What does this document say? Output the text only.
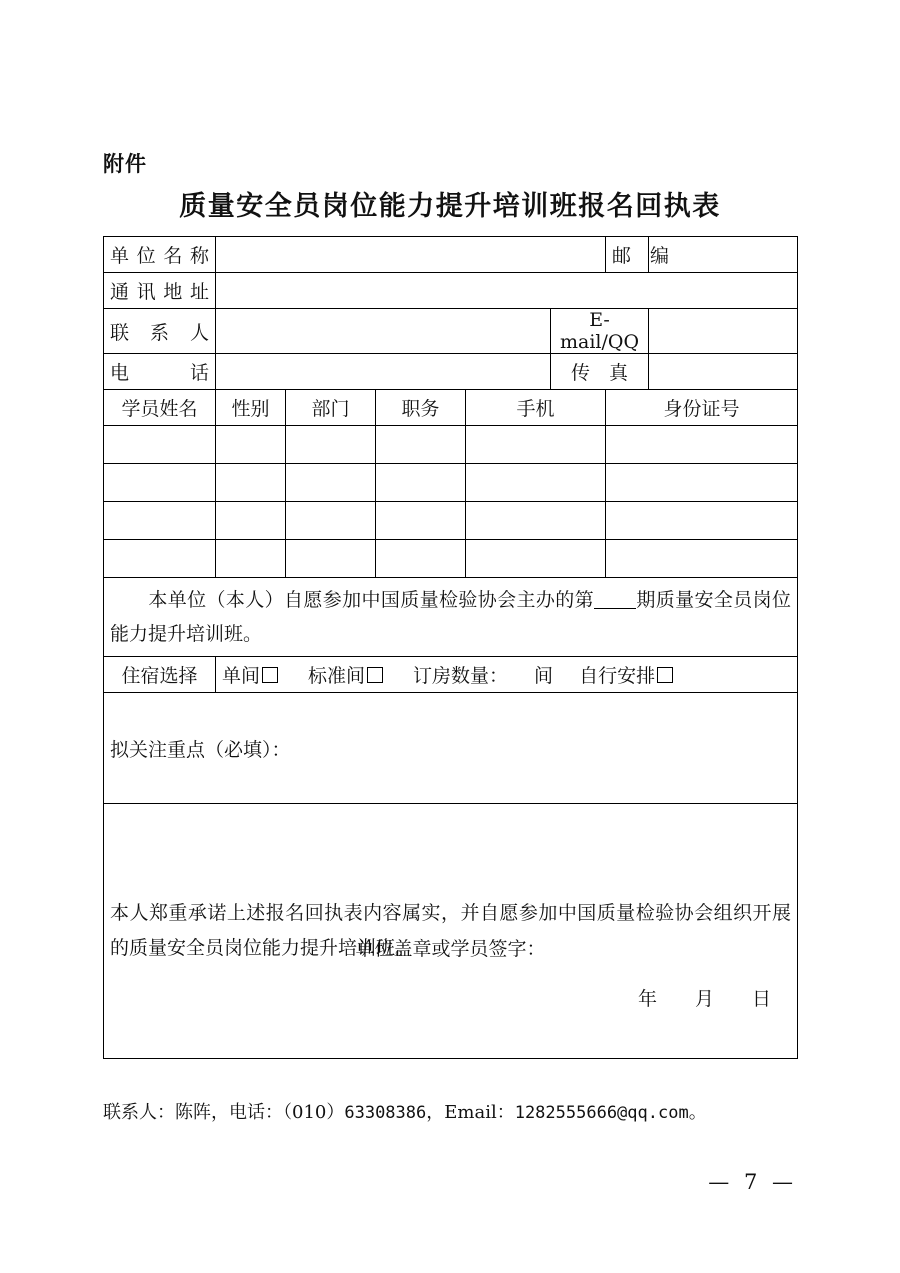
附件
质量安全员岗位能力提升培训班报名回执表
单位名称						邮　编	
通讯地址							
联 系 人					E-mail/QQ		
电　　话					传　真		
学员姓名	性别	部门	职务	手机		身份证号	

本单位（本人）自愿参加中国质量检验协会主办的第 期质量安全员岗位能力提升培训班。							
住宿选择	单间 标准间 订房数量： 间 自行安排						
拟关注重点（必填）：							

本人郑重承诺上述报名回执表内容属实，并自愿参加中国质量检验协会组织开展的质量安全员岗位能力提升培训班。

单位盖章或学员签字：
年 月 日							
联系人：陈阵，电话：（010）63308386，Email：1282555666@qq.com。
— 7 —
